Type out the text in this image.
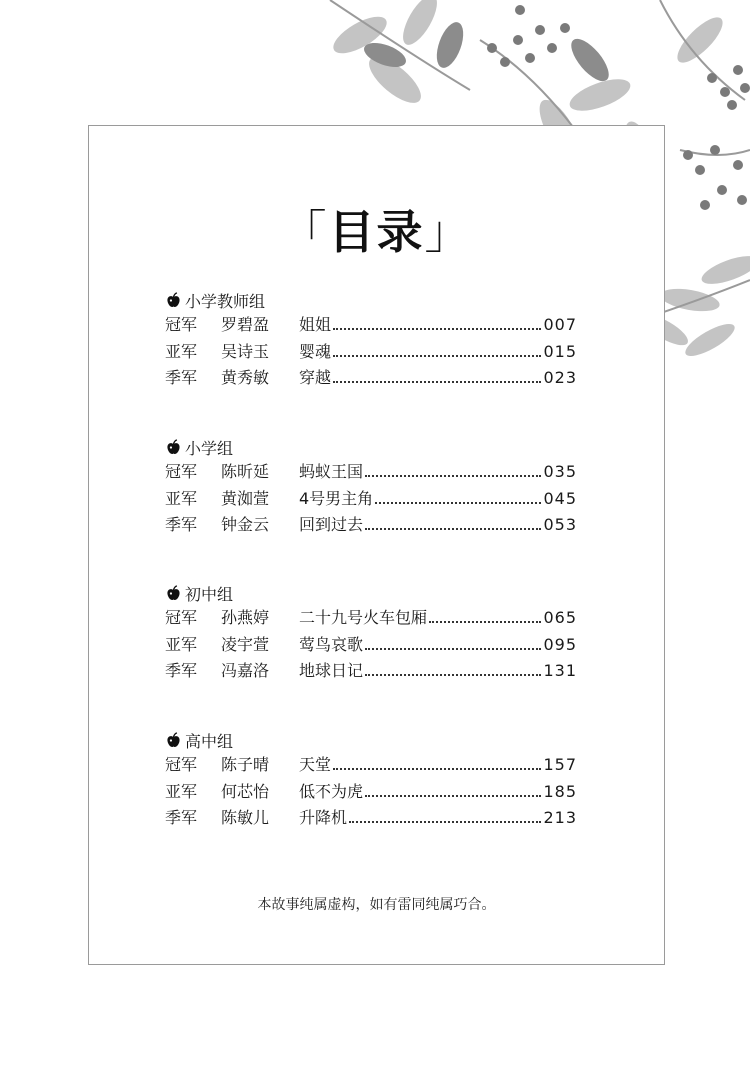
「目录」
小学教师组
冠军	罗碧盈	姐姐	007
亚军	吴诗玉	婴魂	015
季军	黄秀敏	穿越	023
小学组
冠军	陈昕延	蚂蚁王国	035
亚军	黄洳萱	4号男主角	045
季军	钟金云	回到过去	053
初中组
冠军	孙燕婷	二十九号火车包厢	065
亚军	凌宇萱	莺鸟哀歌	095
季军	冯嘉洛	地球日记	131
高中组
冠军	陈子晴	天堂	157
亚军	何芯怡	低不为虎	185
季军	陈敏儿	升降机	213
本故事纯属虚构，如有雷同纯属巧合。
